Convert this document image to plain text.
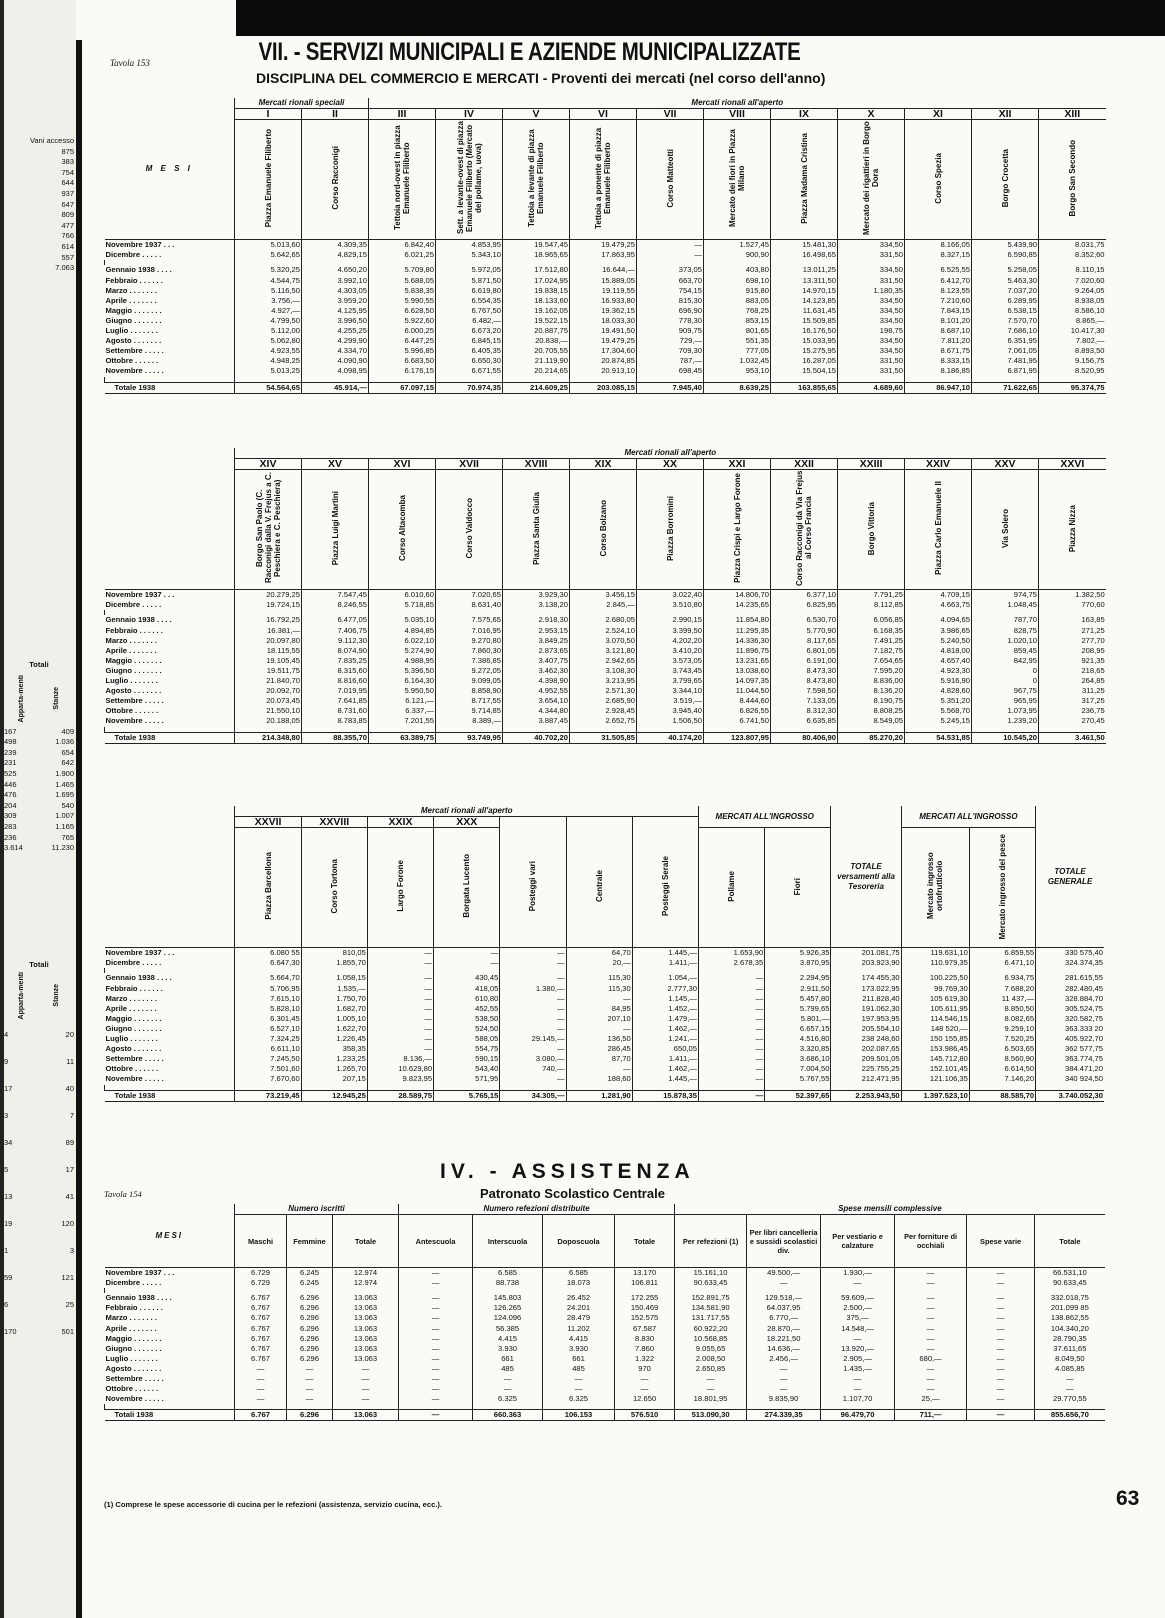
Vani accesso
875
383
754
644
937
647
809
477
766
614
557
7.063
Totali
Apparta-menti	Stanze
167	409
498	1.036
239	654
231	642
525	1.900
446	1.465
476	1.695
204	540
309	1.007
283	1.165
236	765
3.614	11.230
Totali
Apparta-menti	Stanze
4	20
9	11
17	40
3	7
34	89
5	17
13	41
19	120
1	3
59	121
6	25
170	501
Tavola 153	VII. - SERVIZI MUNICIPALI E AZIENDE MUNICIPALIZZATE
DISCIPLINA DEL COMMERCIO E MERCATI - Proventi dei mercati (nel corso dell'anno)
M E S I	Mercati rionali speciali		Mercati rionali all'aperto										
	I	II	III	IV	V	VI	VII	VIII	IX	X	XI	XII	XIII
	Piazza Emanuele Filiberto	Corso Racconigi	Tettoia nord-ovest in piazza Emanuele Filiberto	Sett. a levante-ovest di piazza Emanuele Filiberto (Mercato del pollame, uova)	Tettoia a levante di piazza Emanuele Filiberto	Tettoia a ponente di piazza Emanuele Filiberto	Corso Matteotti	Mercato dei fiori in Piazza Milano	Piazza Madama Cristina	Mercato dei rigattieri in Borgo Dora	Corso Spezia	Borgo Crocetta	Borgo San Secondo
Novembre 1937 . . .	5.013,60	4.309,35	6.842,40	4.853,95	19.547,45	19.479,25	—	1.527,45	15.481,30	334,50	8.166,05	5.439,90	8.031,75
Dicembre . . . . .	5.642,65	4.829,15	6.021,25	5.343,10	18.965,65	17.863,95	—	900,90	16.498,65	331,50	8.327,15	6.590,85	8.352,60

Gennaio 1938 . . . .	5.320,25	4.650,20	5.709,80	5.972,05	17.512,80	16.644,—	373,05	403,80	13.011,25	334,50	6.525,55	5.258,05	8.110,15
Febbraio . . . . . .	4.544,75	3.992,10	5.688,05	5.871,50	17.024,95	15.889,05	663,70	698,10	13.311,50	331,50	6.412,70	5.463,30	7.020,60
Marzo . . . . . . .	5.116,50	4.303,05	5.838,35	6.619,80	19.838,15	19.119,55	754,15	915,80	14.970,15	1.180,35	8.123,55	7.037,20	9.264,05
Aprile . . . . . . .	3.756,—	3.959,20	5.990,55	6.554,35	18.133,60	16.933,80	815,30	883,05	14.123,85	334,50	7.210,60	6.289,95	8.938,05
Maggio . . . . . . .	4.927,—	4.125,95	6.628,50	6.767,50	19.162,05	19.362,15	696,90	768,25	11.631,45	334,50	7.843,15	6.538,15	8.586,10
Giugno . . . . . . .	4.799,50	3.996,50	5.922,60	6.482,—	19.522,15	18.033,30	778,30	853,15	15.509,85	334,50	8.101,20	7.570,70	8.865,—
Luglio . . . . . . .	5.112,00	4.255,25	6.000,25	6.673,20	20.887,75	19.491,50	909,75	801,65	16.176,50	198,75	8.687,10	7.686,10	10.417,30
Agosto . . . . . . .	5.062,80	4.299,90	6.447,25	6.845,15	20.838,—	19.479,25	729,—	551,35	15.033,95	334,50	7.811,20	6.351,95	7.802,—
Settembre . . . . .	4.923,55	4.334,70	5.996,85	6.405,35	20.705,55	17.304,60	709,30	777,05	15.275,95	334,50	8.671,75	7.061,05	8.893,50
Ottobre . . . . . .	4.948,25	4.090,90	6.683,50	6.650,30	21.119,90	20.874,85	787,—	1.032,45	16.287,05	331,50	8.333,15	7.481,95	9.156,75
Novembre . . . . .	5.013,25	4.098,95	6.176,15	6.671,55	20.214,65	20.913,10	698,45	953,10	15.504,15	331,50	8.186,85	6.871,95	8.520,95

Totale 1938	54.564,65	45.914,—	67.097,15	70.974,35	214.609,25	203.085,15	7.945,40	8.639,25	163.855,65	4.689,60	86.947,10	71.622,65	95.374,75
	Mercati rionali all'aperto												
	XIV	XV	XVI	XVII	XVIII	XIX	XX	XXI	XXII	XXIII	XXIV	XXV	XXVI
	Borgo San Paolo (C. Racconigi dalla V. Frejus a C. Peschiera e C. Peschiera)	Piazza Luigi Martini	Corso Altacomba	Corso Valdocco	Piazza Santa Giulia	Corso Bolzano	Piazza Borromini	Piazza Crispi e Largo Forone	Corso Racconigi da Via Frejus al Corso Francia	Borgo Vittoria	Piazza Carlo Emanuele II	Via Solero	Piazza Nizza
Novembre 1937 . . .	20.279,25	7.547,45	6.010,60	7.020,65	3.929,30	3.456,15	3.022,40	14.806,70	6.377,10	7.791,25	4.709,15	974,75	1.382,50
Dicembre . . . . .	19.724,15	8.246,55	5.718,85	8.631,40	3.138,20	2.845,—	3.510,80	14.235,65	6.825,95	8.112,85	4.663,75	1.048,45	770,60

Gennaio 1938 . . . .	16.792,25	6.477,05	5.035,10	7.575,65	2.918,30	2.680,05	2.990,15	11.854,80	6.530,70	6.056,85	4.094,65	787,70	163,85
Febbraio . . . . . .	16.381,—	7.406,75	4.894,85	7.016,95	2.953,15	2.524,10	3.399,50	11.295,35	5.770,90	6.168,35	3.986,65	828,75	271,25
Marzo . . . . . . .	20.097,80	9.112,30	6.022,10	9.270,80	3.849,25	3.070,50	4.202,20	14.336,30	8.117,65	7.491,25	5.240,50	1.020,10	277,70
Aprile . . . . . . .	18.115,55	8.074,90	5.274,90	7.860,30	2.873,65	3.121,80	3.410,20	11.896,75	6.801,05	7.182,75	4.818,00	859,45	208,95
Maggio . . . . . . .	19.105,45	7.835,25	4.988,95	7.386,85	3.407,75	2.942,65	3.573,05	13.231,65	6.191,00	7.654,65	4.657,40	842,95	921,35
Giugno . . . . . . .	19.511,75	8.315,60	5.396,50	9.272,05	3.462,30	3.108,30	3.743,45	13.038,60	8.473,30	7.595,20	4.923,30	0	218,65
Luglio . . . . . . .	21.840,70	8.816,60	6.164,30	9.099,05	4.398,90	3.213,95	3.799,65	14.097,35	8.473,80	8.836,00	5.916,90	0	264,85
Agosto . . . . . . .	20.092,70	7.019,95	5.950,50	8.858,90	4.952,55	2.571,30	3.344,10	11.044,50	7.598,50	8.136,20	4.828,60	967,75	311,25
Settembre . . . . .	20.073,45	7.641,85	6.121,—	8.717,55	3.654,10	2.685,90	3.519,—	8.444,60	7.133,05	8.190,75	5.351,20	965,95	317,25
Ottobre . . . . . .	21.550,10	8.731,60	6.337,—	9.714,85	4.344,80	2.928,45	3.945,40	6.826,55	8.312,30	8.808,25	5.568,70	1.073,95	236,75
Novembre . . . . .	20.188,05	8.783,85	7.201,55	8.389,—	3.887,45	2.652,75	1.506,50	6.741,50	6.635,85	8.549,05	5.245,15	1.239,20	270,45

Totale 1938	214.348,80	88.355,70	63.389,75	93.749,95	40.702,20	31.505,85	40.174,20	123.807,95	80.406,90	85.270,20	54.531,85	10.545,20	3.461,50
	Mercati rionali all'aperto							MERCATI ALL'INGROSSO		TOTALE versamenti alla Tesoreria	MERCATI ALL'INGROSSO		TOTALE GENERALE
	XXVII	XXVIII	XXIX	XXX									
	Piazza Barcellona	Corso Tortona	Largo Forone	Borgata Lucento	Posteggi vari	Centrale	Posteggi Serale	Pollame	Fiori		Mercato ingrosso ortofrutticolo	Mercato ingrosso del pesce	
Novembre 1937 . . .	6.080 55	810,05	—	—	—	64,70	1.445,—	1.653,90	5.926,35	201.081,75	119.631,10	6.859,55	330 575,40
Dicembre . . . . .	6.647,30	1.855,70	—	—	—	20,—	1.411,—	2.678,35	3.870,95	203.923,90	110.979,35	6.471,10	324.374,35

Gennaio 1938 . . . .	5.664,70	1.058,15	—	430,45	—	115,30	1.054,—	—	2.294,95	174 455,30	100.225,50	6.934,75	281.615,55
Febbraio . . . . . .	5.706,95	1.535,—	—	418,05	1.380,—	115,30	2.777,30	—	2.911,50	173.022,95	99.769,30	7.688,20	282.480,45
Marzo . . . . . . .	7.615,10	1.750,70	—	610,80	—	—	1.145,—	—	5.457,80	211.828,40	105 619,30	11 437,—	328.884,70
Aprile . . . . . . .	5.828,10	1.682,70	—	452,55	—	84,95	1.452,—	—	5.799,65	191.062,30	105.611,95	8.850,50	305.524,75
Maggio . . . . . . .	6.301,45	1.005,10	—	538,50	—	207,10	1.479,—	—	5.801,—	197.953,95	114.546,15	8.082,65	320.582,75
Giugno . . . . . . .	6.527,10	1.622,70	—	524,50	—	—	1.462,—	—	6.657,15	205.554,10	148 520,—	9.259,10	363.333 20
Luglio . . . . . . .	7.324,25	1.226,45	—	588,05	29.145,—	136,50	1.241,—	—	4.516,80	238 248,60	150 155,85	7.520,25	405.922,70
Agosto . . . . . . .	6.611,10	358,35	—	554,75	—	286,45	650,05	—	3.320,85	202.087,65	153.986,45	6.503,65	362 577,75
Settembre . . . . .	7.245,50	1.233,25	8.136,—	590,15	3.080,—	87,70	1.411,—	—	3.686,10	209.501,05	145.712,80	8.560,90	363.774,75
Ottobre . . . . . .	7.501,60	1.265,70	10.629,80	543,40	740,—	—	1.462,—	—	7.004,50	225.755,25	152.101,45	6.614,50	384.471,20
Novembre . . . . .	7.670,60	207,15	9.823,95	571,95	—	188,60	1.445,—	—	5.767,55	212.471,95	121.106,35	7.146,20	340 924,50

Totale 1938	73.219,45	12.945,25	28.589,75	5.765,15	34.305,—	1.281,90	15.878,35	—	52.397,65	2.253.943,50	1.397.523,10	88.585,70	3.740.052,30
IV. - ASSISTENZA
Patronato Scolastico Centrale
Tavola 154
MESI	Numero iscritti			Numero refezioni distribuite				Spese mensili complessive					
	Maschi	Femmine	Totale	Antescuola	Interscuola	Doposcuola	Totale	Per refezioni (1)	Per libri cancelleria e sussidi scolastici div.	Per vestiario e calzature	Per forniture di occhiali	Spese varie	Totale
Novembre 1937 . . .	6.729	6.245	12.974	—	6.585	6.585	13.170	15.161,10	49.500,—	1.930,—	—	—	66.531,10
Dicembre . . . . .	6.729	6.245	12.974	—	88.738	18.073	106.811	90.633,45	—	—	—	—	90.633,45

Gennaio 1938 . . . .	6.767	6.296	13.063	—	145.803	26.452	172.255	152.891,75	129.518,—	59.609,—	—	—	332.018,75
Febbraio . . . . . .	6.767	6.296	13.063	—	126.265	24.201	150.469	134.581,90	64.037,95	2.500,—	—	—	201.099 85
Marzo . . . . . . .	6.767	6.296	13.063	—	124.096	28.479	152.575	131.717,55	6.770,—	375,—	—	—	138.862,55
Aprile . . . . . . .	6.767	6.296	13.063	—	56.385	11.202	67.587	60.922,20	28.870,—	14.548,—	—	—	104.340,20
Maggio . . . . . . .	6.767	6.296	13.063	—	4.415	4.415	8.830	10.568,85	18.221,50	—	—	—	28.790,35
Giugno . . . . . . .	6.767	6.296	13.063	—	3.930	3.930	7.860	9.055,65	14.636,—	13.920,—	—	—	37.611,65
Luglio . . . . . . .	6.767	6.296	13.063	—	661	661	1.322	2.008,50	2.456,—	2.905,—	680,—	—	8.049,50
Agosto . . . . . . .	—	—	—	—	485	485	970	2.650,85	—	1.435,—	—	—	4.085,85
Settembre . . . . .	—	—	—	—	—	—	—	—	—	—	—	—	—
Ottobre . . . . . .	—	—	—	—	—	—	—	—	—	—	—	—	—
Novembre . . . . .	—	—	—	—	6.325	6.325	12.650	18.801,95	9.835,90	1.107,70	25,—	—	29.770,55

Totali 1938	6.767	6.296	13.063	—	660.363	106.153	576.510	513.090,30	274.339,35	96.479,70	711,—	—	855.656,70
(1) Comprese le spese accessorie di cucina per le refezioni (assistenza, servizio cucina, ecc.).	63
